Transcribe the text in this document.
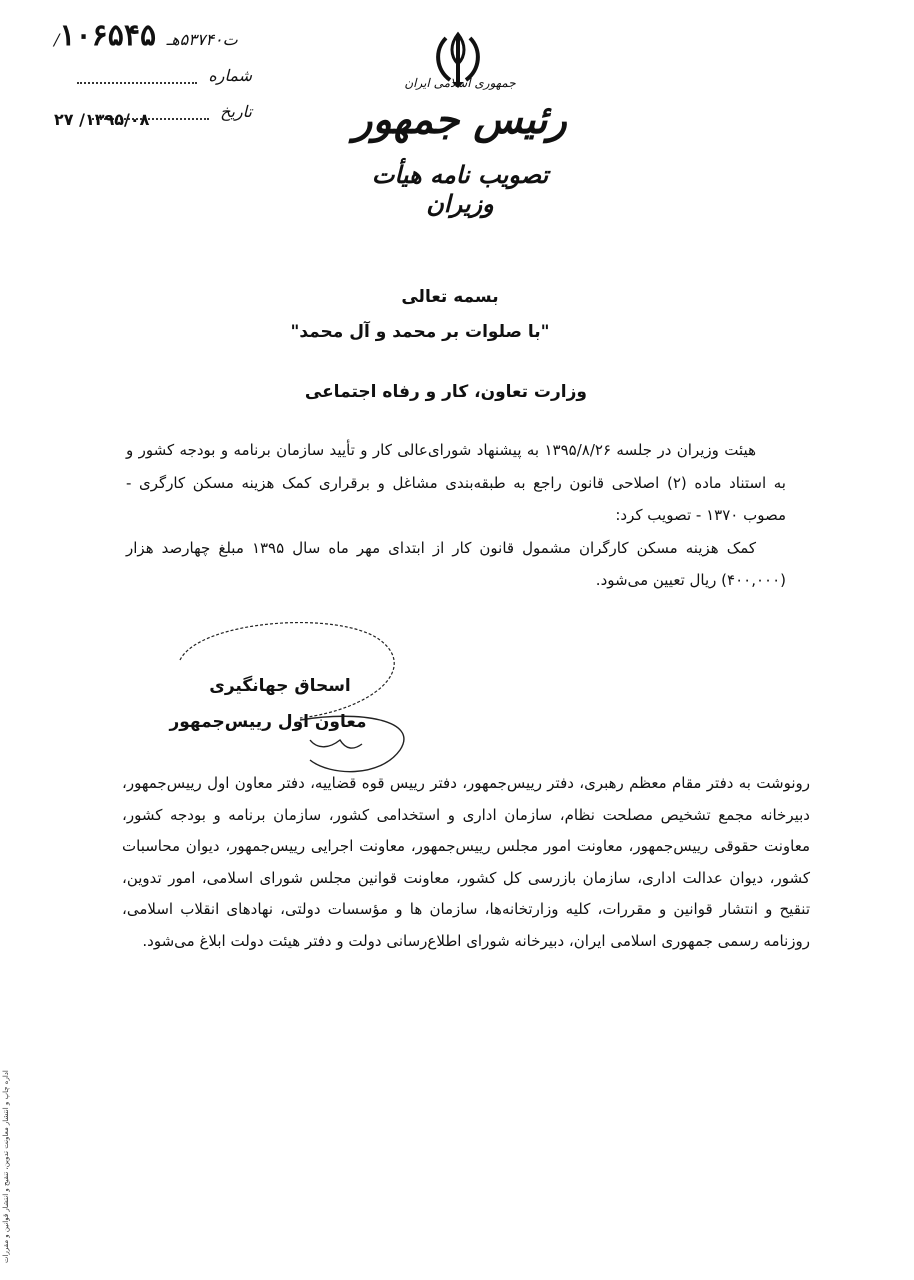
/ت۵۳۷۴۰هـ ۱۰۶۵۴۵
شماره
تاریخ
۱۳۹۵/۰۸/ ۲۷
جمهوری اسلامی ایران
رئیس جمهور
تصویب نامه هیأت وزیران
بسمه تعالی
"با صلوات بر محمد و آل محمد"
وزارت تعاون، کار و رفاه اجتماعی

هیئت وزیران در جلسه ۱۳۹۵/۸/۲۶ به پیشنهاد شورای‌عالی کار و تأیید سازمان برنامه و بودجه کشور و به استناد ماده (۲) اصلاحی قانون راجع به طبقه‌بندی مشاغل و برقراری کمک هزینه مسکن کارگری - مصوب ۱۳۷۰ - تصویب کرد:

کمک هزینه مسکن کارگران مشمول قانون کار از ابتدای مهر ماه سال ۱۳۹۵ مبلغ چهارصد هزار (۴۰۰,۰۰۰) ریال تعیین می‌شود.

اسحاق جهانگیری
معاون اول رییس‌جمهور
رونوشت به دفتر مقام معظم رهبری، دفتر رییس‌جمهور، دفتر رییس قوه قضاییه، دفتر معاون اول رییس‌جمهور، دبیرخانه مجمع تشخیص مصلحت نظام، سازمان اداری و استخدامی کشور، سازمان برنامه و بودجه کشور، معاونت حقوقی رییس‌جمهور، معاونت امور مجلس رییس‌جمهور، معاونت اجرایی رییس‌جمهور، دیوان محاسبات کشور، دیوان عدالت اداری، سازمان بازرسی کل کشور، معاونت قوانین مجلس شورای اسلامی، امور تدوین، تنقیح و انتشار قوانین و مقررات، کلیه وزارتخانه‌ها، سازمان ها و مؤسسات دولتی، نهادهای انقلاب اسلامی، روزنامه رسمی جمهوری اسلامی ایران، دبیرخانه شورای اطلاع‌رسانی دولت و دفتر هیئت دولت ابلاغ می‌شود.
اداره چاپ و انتشار معاونت تدوین، تنقیح و انتشار قوانین و مقررات
